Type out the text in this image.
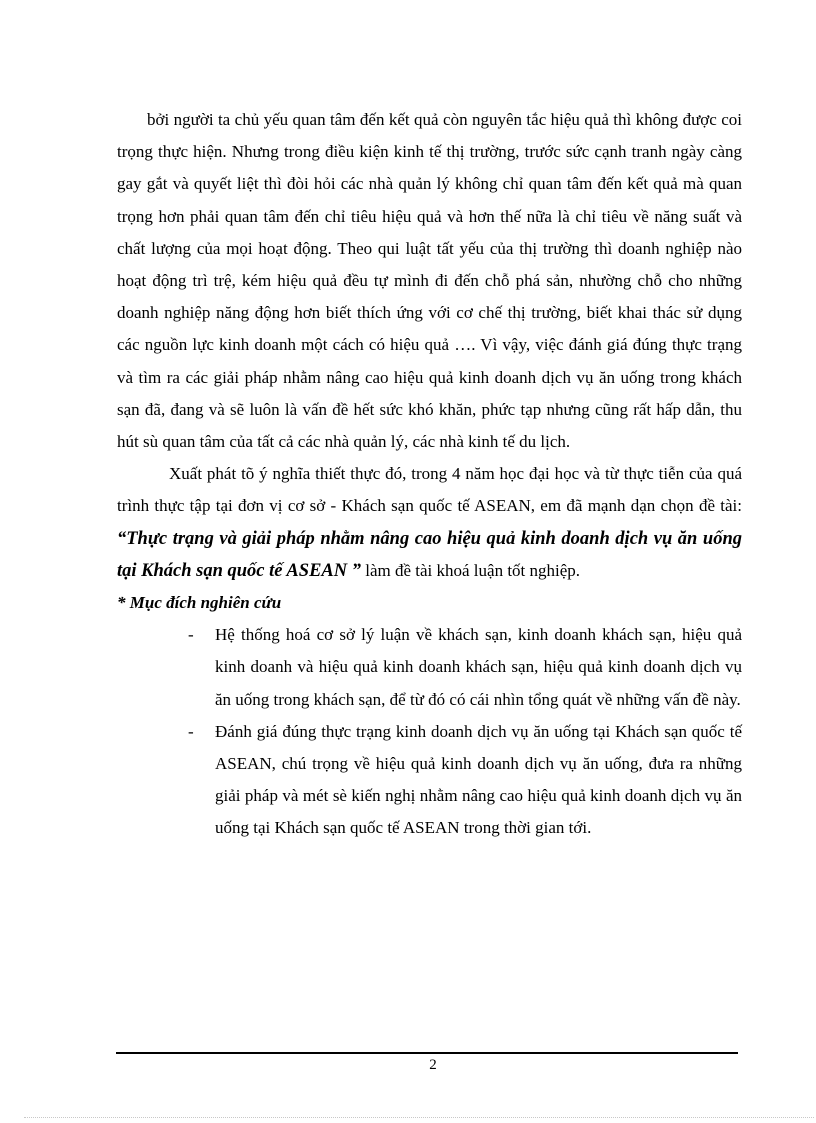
bởi người ta chủ yếu quan tâm đến kết quả còn nguyên tắc hiệu quả thì không được coi trọng thực hiện. Nhưng trong điều kiện kinh tế thị trường, trước sức cạnh tranh ngày càng gay gắt và quyết liệt thì đòi hỏi các nhà quản lý không chỉ quan tâm đến kết quả mà quan trọng hơn phải quan tâm đến chỉ tiêu hiệu quả và hơn thế nữa là chỉ tiêu về năng suất và chất lượng của mọi hoạt động. Theo qui luật tất yếu của thị trường thì doanh nghiệp nào hoạt động trì trệ, kém hiệu quả đều tự mình đi đến chỗ phá sản, nhường chỗ cho những doanh nghiệp năng động hơn biết thích ứng với cơ chế thị trường, biết khai thác sử dụng các nguồn lực kinh doanh một cách có hiệu quả …. Vì vậy, việc đánh giá đúng thực trạng và tìm ra các giải pháp nhằm nâng cao hiệu quả kinh doanh dịch vụ ăn uống trong khách sạn đã, đang và sẽ luôn là vấn đề hết sức khó khăn, phức tạp nhưng cũng rất hấp dẫn, thu hút sù quan tâm của tất cả các nhà quản lý, các nhà kinh tế du lịch.

Xuất phát tõ ý nghĩa thiết thực đó, trong 4 năm học đại học và từ thực tiễn của quá trình thực tập tại đơn vị cơ sở - Khách sạn quốc tế ASEAN, em đã mạnh dạn chọn đề tài: “Thực trạng và giải pháp nhằm nâng cao hiệu quả kinh doanh dịch vụ ăn uống tại Khách sạn quốc tế ASEAN ” làm đề tài khoá luận tốt nghiệp.

* Mục đích nghiên cứu

- Hệ thống hoá cơ sở lý luận về khách sạn, kinh doanh khách sạn, hiệu quả kinh doanh và hiệu quả kinh doanh khách sạn, hiệu quả kinh doanh dịch vụ ăn uống trong khách sạn, để từ đó có cái nhìn tổng quát về những vấn đề này.
- Đánh giá đúng thực trạng kinh doanh dịch vụ ăn uống tại Khách sạn quốc tế ASEAN, chú trọng về hiệu quả kinh doanh dịch vụ ăn uống, đưa ra những giải pháp và mét sè kiến nghị nhằm nâng cao hiệu quả kinh doanh dịch vụ ăn uống tại Khách sạn quốc tế ASEAN trong thời gian tới.
2
